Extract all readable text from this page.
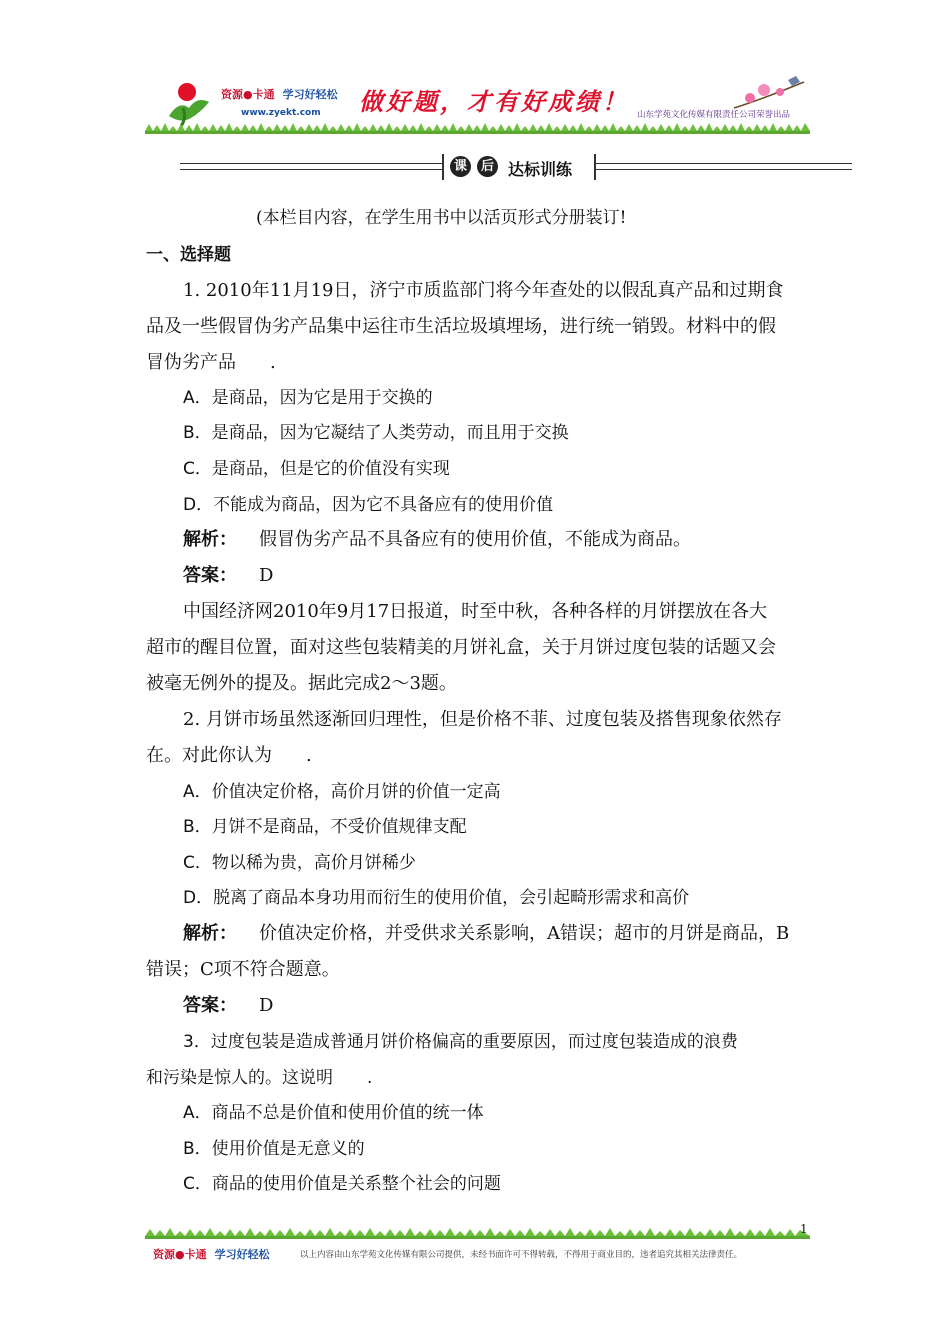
资源●卡通 学习好轻松
www.zyekt.com 做好题，才有好成绩！ 山东学苑文化传媒有限责任公司荣誉出品
课	后 达标训练
(本栏目内容，在学生用书中以活页形式分册装订!
一、选择题
1. 2010年11月19日，济宁市质监部门将今年查处的以假乱真产品和过期食
品及一些假冒伪劣产品集中运往市生活垃圾填埋场，进行统一销毁。材料中的假
冒伪劣产品 .
A．是商品，因为它是用于交换的
B．是商品，因为它凝结了人类劳动，而且用于交换
C．是商品，但是它的价值没有实现
D．不能成为商品，因为它不具备应有的使用价值
解析： 假冒伪劣产品不具备应有的使用价值，不能成为商品。
答案： D
中国经济网2010年9月17日报道，时至中秋，各种各样的月饼摆放在各大
超市的醒目位置，面对这些包装精美的月饼礼盒，关于月饼过度包装的话题又会
被毫无例外的提及。据此完成2～3题。
2. 月饼市场虽然逐渐回归理性，但是价格不菲、过度包装及搭售现象依然存
在。对此你认为 .
A．价值决定价格，高价月饼的价值一定高
B．月饼不是商品，不受价值规律支配
C．物以稀为贵，高价月饼稀少
D．脱离了商品本身功用而衍生的使用价值，会引起畸形需求和高价
解析： 价值决定价格，并受供求关系影响，A错误；超市的月饼是商品，B
错误；C项不符合题意。
答案： D
3．过度包装是造成普通月饼价格偏高的重要原因，而过度包装造成的浪费
和污染是惊人的。这说明 .
A．商品不总是价值和使用价值的统一体
B．使用价值是无意义的
C．商品的使用价值是关系整个社会的问题
1
资源●卡通 学习好轻松	以上内容由山东学苑文化传媒有限公司提供，未经书面许可不得转载，不得用于商业目的，违者追究其相关法律责任。
